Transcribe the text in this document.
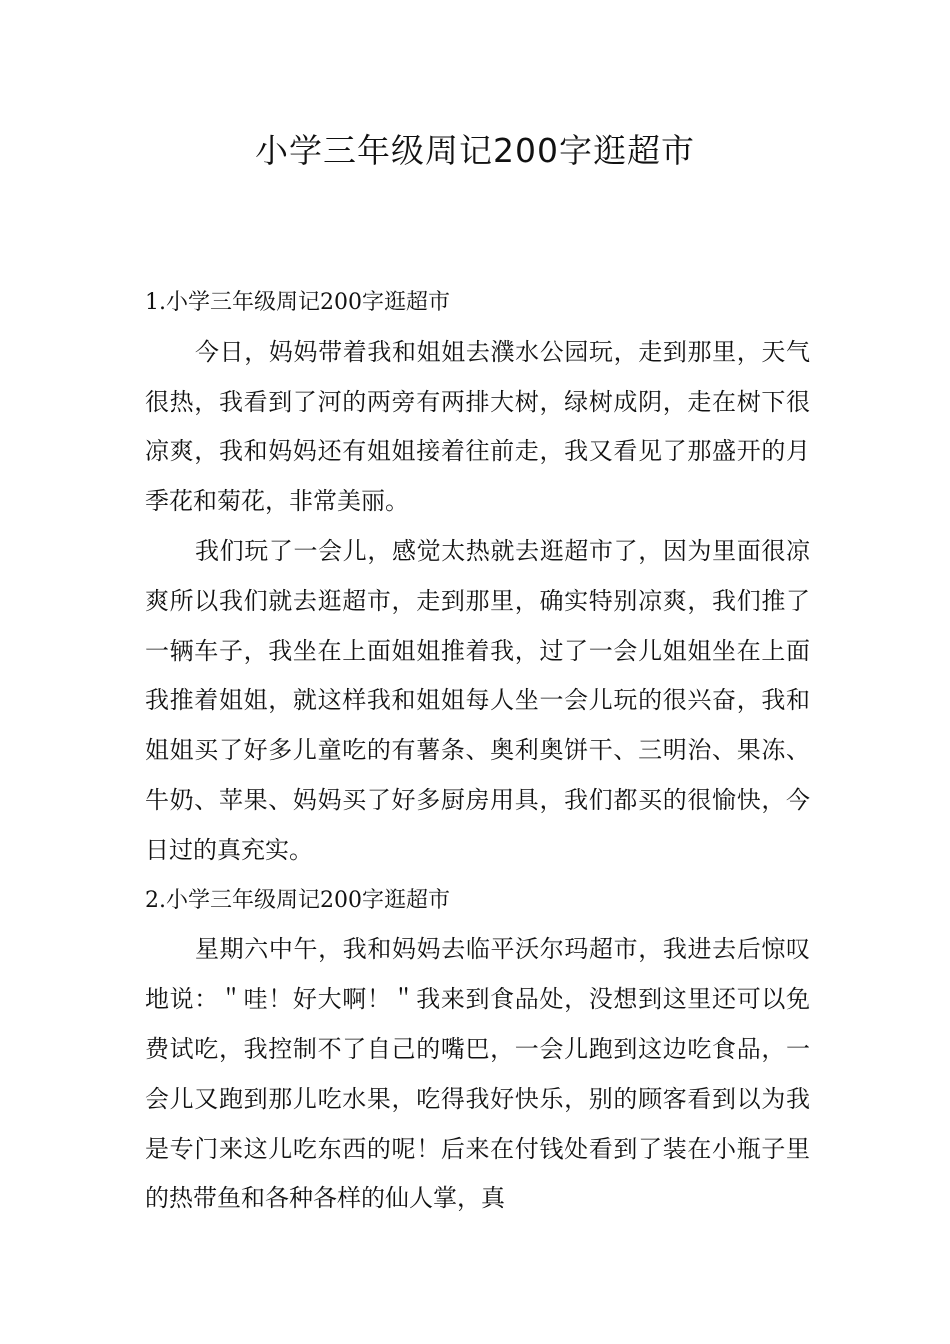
小学三年级周记200字逛超市
1.小学三年级周记200字逛超市

今日，妈妈带着我和姐姐去濮水公园玩，走到那里，天气很热，我看到了河的两旁有两排大树，绿树成阴，走在树下很凉爽，我和妈妈还有姐姐接着往前走，我又看见了那盛开的月季花和菊花，非常美丽。

我们玩了一会儿，感觉太热就去逛超市了，因为里面很凉爽所以我们就去逛超市，走到那里，确实特别凉爽，我们推了一辆车子，我坐在上面姐姐推着我，过了一会儿姐姐坐在上面我推着姐姐，就这样我和姐姐每人坐一会儿玩的很兴奋，我和姐姐买了好多儿童吃的有薯条、奥利奥饼干、三明治、果冻、牛奶、苹果、妈妈买了好多厨房用具，我们都买的很愉快，今日过的真充实。

2.小学三年级周记200字逛超市

星期六中午，我和妈妈去临平沃尔玛超市，我进去后惊叹地说：＂哇！好大啊！＂我来到食品处，没想到这里还可以免费试吃，我控制不了自己的嘴巴，一会儿跑到这边吃食品，一会儿又跑到那儿吃水果，吃得我好快乐，别的顾客看到以为我是专门来这儿吃东西的呢！后来在付钱处看到了装在小瓶子里的热带鱼和各种各样的仙人掌，真
